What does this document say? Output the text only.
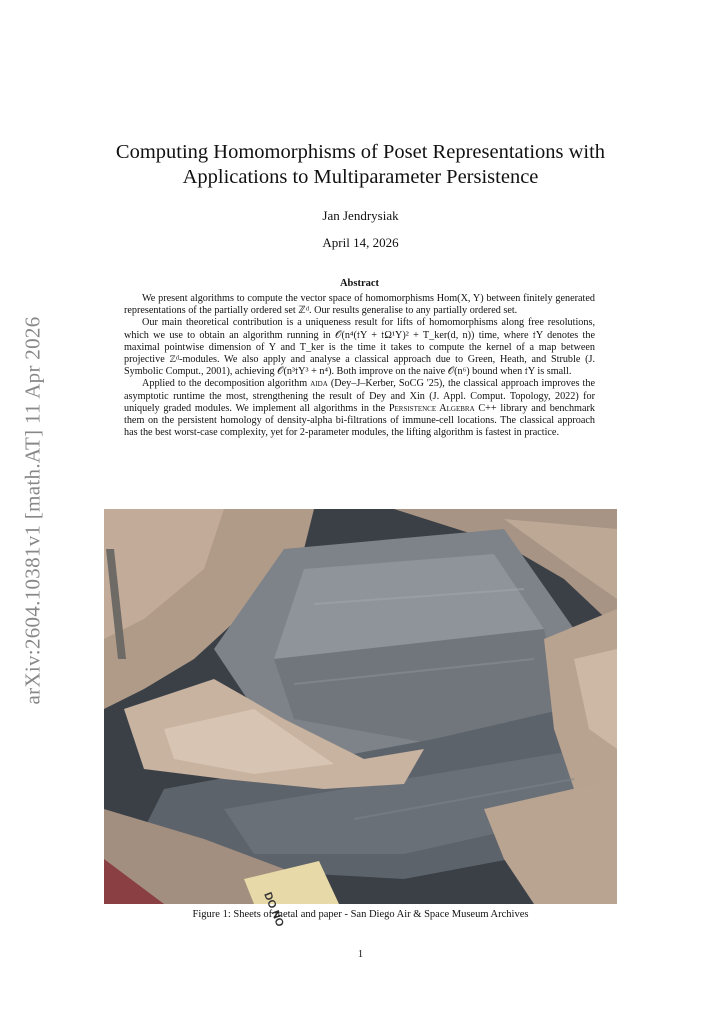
arXiv:2604.10381v1 [math.AT] 11 Apr 2026
Computing Homomorphisms of Poset Representations with
Applications to Multiparameter Persistence
Jan Jendrysiak
April 14, 2026
Abstract

We present algorithms to compute the vector space of homomorphisms Hom(X, Y) between finitely generated representations of the partially ordered set ℤᵈ. Our results generalise to any partially ordered set.

Our main theoretical contribution is a uniqueness result for lifts of homomorphisms along free resolutions, which we use to obtain an algorithm running in 𝒪(n⁴(𝔱Y + 𝔱Ω¹Y)² + T_ker(d, n)) time, where 𝔱Y denotes the maximal pointwise dimension of Y and T_ker is the time it takes to compute the kernel of a map between projective ℤᵈ-modules. We also apply and analyse a classical approach due to Green, Heath, and Struble (J. Symbolic Comput., 2001), achieving 𝒪(n³𝔱Y³ + n⁴). Both improve on the naive 𝒪(n⁶) bound when 𝔱Y is small.

Applied to the decomposition algorithm aida (Dey–J–Kerber, SoCG '25), the classical approach improves the asymptotic runtime the most, strengthening the result of Dey and Xin (J. Appl. Comput. Topology, 2022) for uniquely graded modules. We implement all algorithms in the Persistence Algebra C++ library and benchmark them on the persistent homology of density-alpha bi-filtrations of immune-cell locations. The classical approach has the best worst-case complexity, yet for 2-parameter modules, the lifting algorithm is fastest in practice.

DO NO
Figure 1: Sheets of metal and paper - San Diego Air & Space Museum Archives
1
